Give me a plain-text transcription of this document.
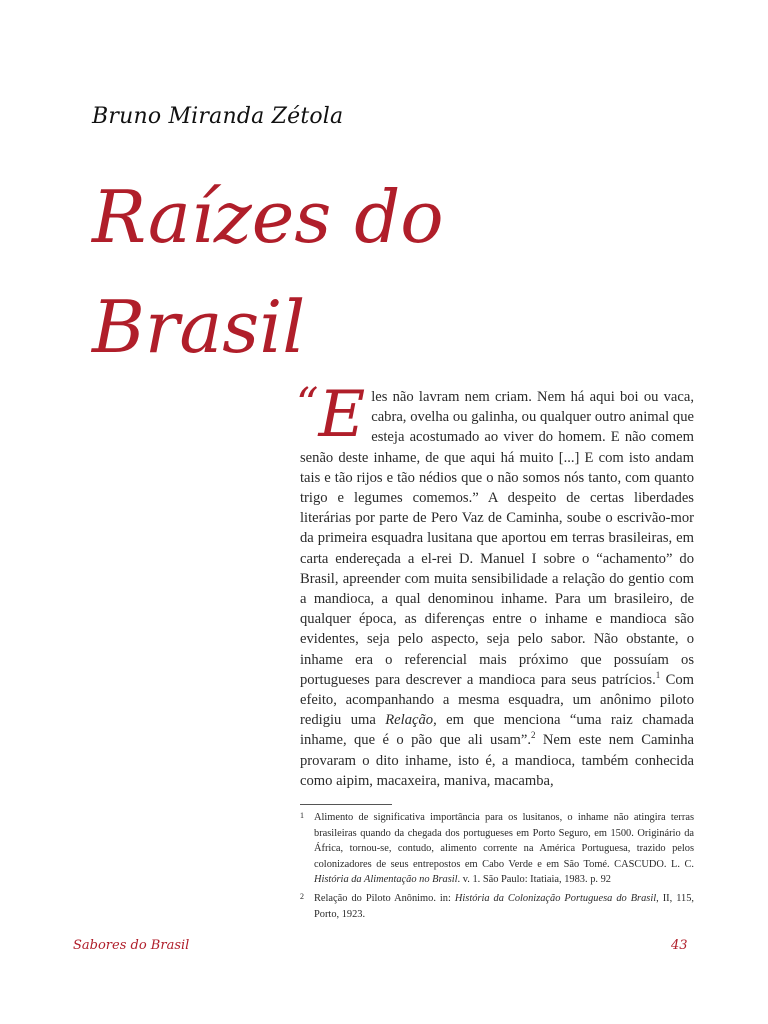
Bruno Miranda Zétola
Raízes do
Brasil

“E les não lavram nem criam. Nem há aqui boi ou vaca, cabra, ovelha ou galinha, ou qualquer outro animal que esteja acostumado ao viver do homem. E não comem senão deste inhame, de que aqui há muito [...] E com isto andam tais e tão rijos e tão nédios que o não somos nós tanto, com quanto trigo e legumes comemos.” A despeito de certas liberdades literárias por parte de Pero Vaz de Caminha, soube o escrivão-mor da primeira esquadra lusitana que aportou em terras brasileiras, em carta endereçada a el-rei D. Manuel I sobre o “achamento” do Brasil, apreender com muita sensibilidade a relação do gentio com a mandioca, a qual denominou inhame. Para um brasileiro, de qualquer época, as diferenças entre o inhame e mandioca são evidentes, seja pelo aspecto, seja pelo sabor. Não obstante, o inhame era o referencial mais próximo que possuíam os portugueses para descrever a mandioca para seus patrícios.$^1$ Com efeito, acompanhando a mesma esquadra, um anônimo piloto redigiu uma Relação, em que menciona “uma raiz chamada inhame, que é o pão que ali usam”.$^2$ Nem este nem Caminha provaram o dito inhame, isto é, a mandioca, também conhecida como aipim, macaxeira, maniva, macamba,

1 Alimento de significativa importância para os lusitanos, o inhame não atingira terras brasileiras quando da chegada dos portugueses em Porto Seguro, em 1500. Originário da África, tornou-se, contudo, alimento corrente na América Portuguesa, trazido pelos colonizadores de seus entrepostos em Cabo Verde e em São Tomé. CASCUDO. L. C. História da Alimentação no Brasil. v. 1. São Paulo: Itatiaia, 1983. p. 92

2 Relação do Piloto Anônimo. in: História da Colonização Portuguesa do Brasil, II, 115, Porto, 1923.

Sabores do Brasil	43
